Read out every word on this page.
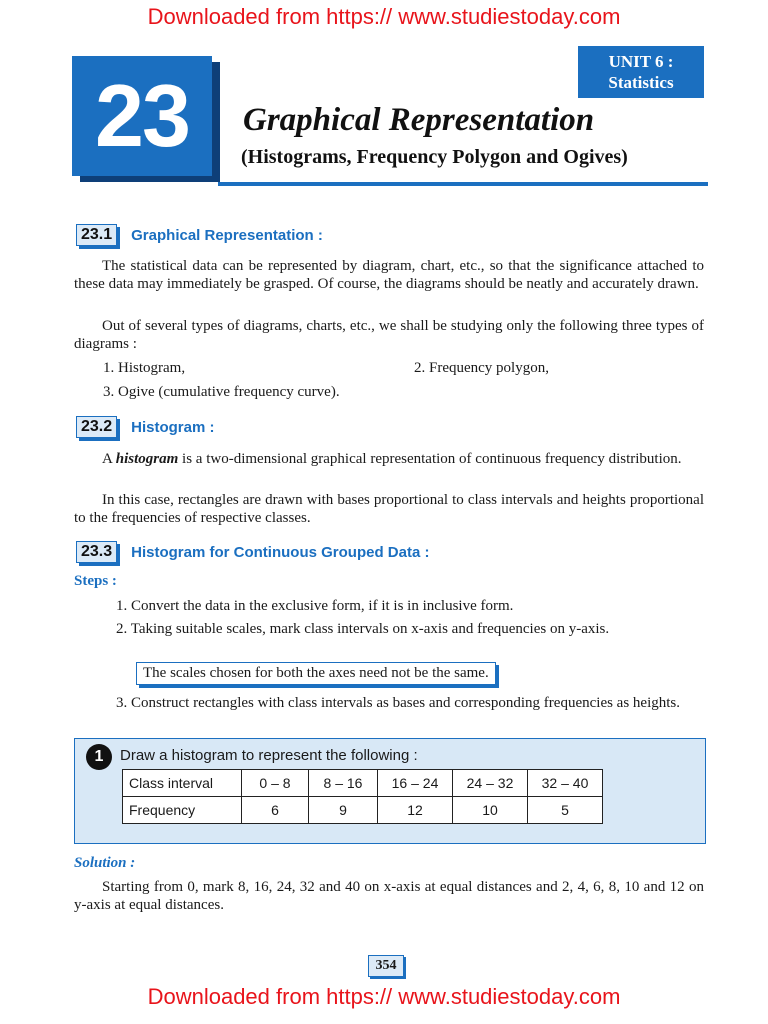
Downloaded from https:// www.studiestoday.com
23
UNIT 6 :
Statistics
Graphical Representation
(Histograms, Frequency Polygon and Ogives)
23.1	Graphical Representation :
The statistical data can be represented by diagram, chart, etc., so that the significance attached to these data may immediately be grasped. Of course, the diagrams should be neatly and accurately drawn.
Out of several types of diagrams, charts, etc., we shall be studying only the following three types of diagrams :
1. Histogram,	2. Frequency polygon,
3. Ogive (cumulative frequency curve).
23.2	Histogram :
A histogram is a two-dimensional graphical representation of continuous frequency distribution.
In this case, rectangles are drawn with bases proportional to class intervals and heights proportional to the frequencies of respective classes.
23.3	Histogram for Continuous Grouped Data :
Steps :
1. Convert the data in the exclusive form, if it is in inclusive form.
2. Taking suitable scales, mark class intervals on x-axis and frequencies on y-axis.
The scales chosen for both the axes need not be the same.
3. Construct rectangles with class intervals as bases and corresponding frequencies as heights.
1	Draw a histogram to represent the following :
Class interval	0 – 8	8 – 16	16 – 24	24 – 32	32 – 40
Frequency	6	9	12	10	5
Solution :
Starting from 0, mark 8, 16, 24, 32 and 40 on x-axis at equal distances and 2, 4, 6, 8, 10 and 12 on y-axis at equal distances.
354
Downloaded from https:// www.studiestoday.com
